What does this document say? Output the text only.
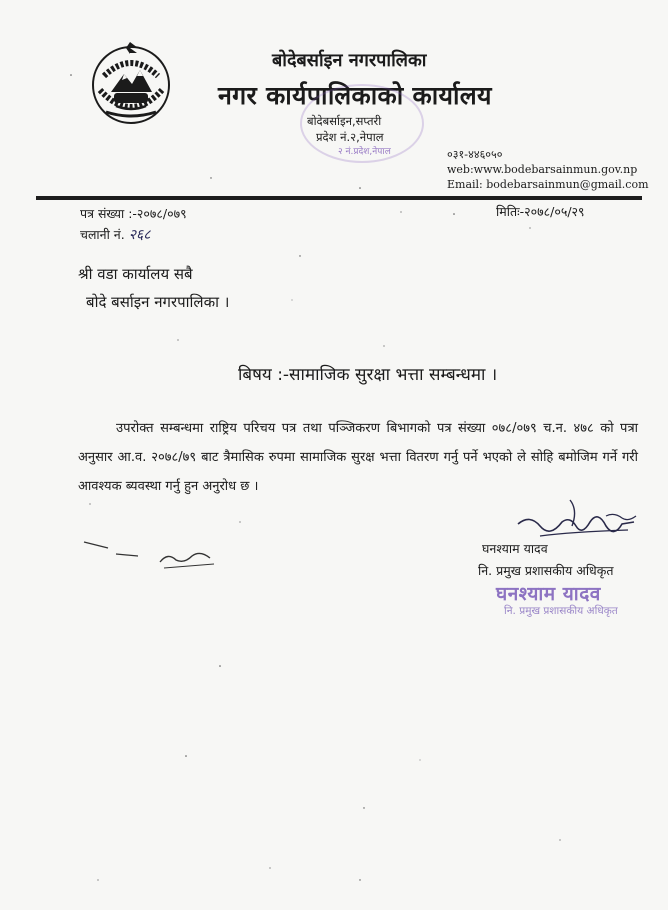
बोदेबर्साइन नगरपालिका
नगर कार्यपालिकाको कार्यालय
बोदेबर्साइन,सप्तरी
प्रदेश नं.२,नेपाल
२ नं.प्रदेश,नेपाल	०३१-४४६०५०
web:www.bodebarsainmun.gov.np
Email: bodebarsainmun@gmail.com
पत्र संख्या :-२०७८/०७९
चलानी नं. २६८
मितिः-२०७८/०५/२९
श्री वडा कार्यालय सबै
बोदे बर्साइन नगरपालिका ।
बिषय :-सामाजिक सुरक्षा भत्ता सम्बन्धमा ।
उपरोक्त सम्बन्धमा राष्ट्रिय परिचय पत्र तथा पञ्जिकरण बिभागको पत्र संख्या ०७८/०७९ च.न. ४७८ को पत्रा अनुसार आ.व. २०७८/७९ बाट त्रैमासिक रुपमा सामाजिक सुरक्ष भत्ता वितरण गर्नु पर्ने भएको ले सोहि बमोजिम गर्ने गरी आवश्यक ब्यवस्था गर्नु हुन अनुरोध छ ।
घनश्याम यादव
नि. प्रमुख प्रशासकीय अधिकृत
घनश्याम यादव
नि. प्रमुख प्रशासकीय अधिकृत
